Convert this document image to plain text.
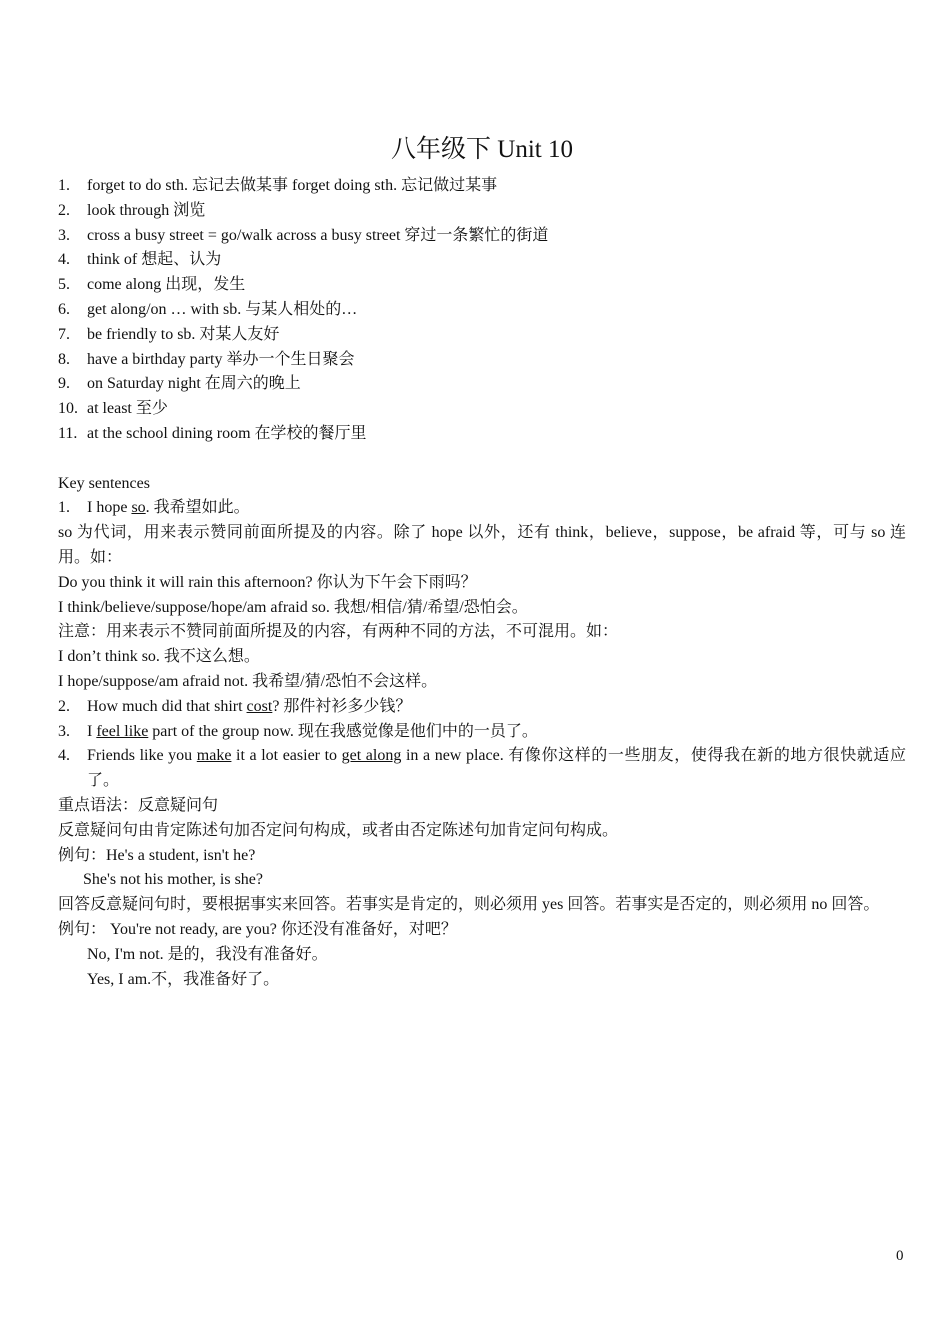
八年级下 Unit 10
1. forget to do sth. 忘记去做某事 forget doing sth. 忘记做过某事
2. look through 浏览
3. cross a busy street = go/walk across a busy street 穿过一条繁忙的街道
4. think of 想起、认为
5. come along 出现，发生
6. get along/on … with sb. 与某人相处的…
7. be friendly to sb. 对某人友好
8. have a birthday party 举办一个生日聚会
9. on Saturday night 在周六的晚上
10. at least 至少
11. at the school dining room 在学校的餐厅里
Key sentences
1. I hope so. 我希望如此。
so 为代词，用来表示赞同前面所提及的内容。除了 hope 以外，还有 think，believe，suppose，be afraid 等，可与 so 连用。如：
Do you think it will rain this afternoon? 你认为下午会下雨吗？
I think/believe/suppose/hope/am afraid so. 我想/相信/猜/希望/恐怕会。
注意：用来表示不赞同前面所提及的内容，有两种不同的方法，不可混用。如：
I don’t think so. 我不这么想。
I hope/suppose/am afraid not. 我希望/猜/恐怕不会这样。
2. How much did that shirt cost? 那件衬衫多少钱？
3. I feel like part of the group now. 现在我感觉像是他们中的一员了。
4. Friends like you make it a lot easier to get along in a new place. 有像你这样的一些朋友，使得我在新的地方很快就适应了。
重点语法：反意疑问句
反意疑问句由肯定陈述句加否定问句构成，或者由否定陈述句加肯定问句构成。
例句：He's a student, isn't he?
She's not his mother, is she?
回答反意疑问句时，要根据事实来回答。若事实是肯定的，则必须用 yes 回答。若事实是否定的，则必须用 no 回答。
例句： You're not ready, are you? 你还没有准备好，对吧？
No, I'm not. 是的，我没有准备好。
Yes, I am.不，我准备好了。
0
